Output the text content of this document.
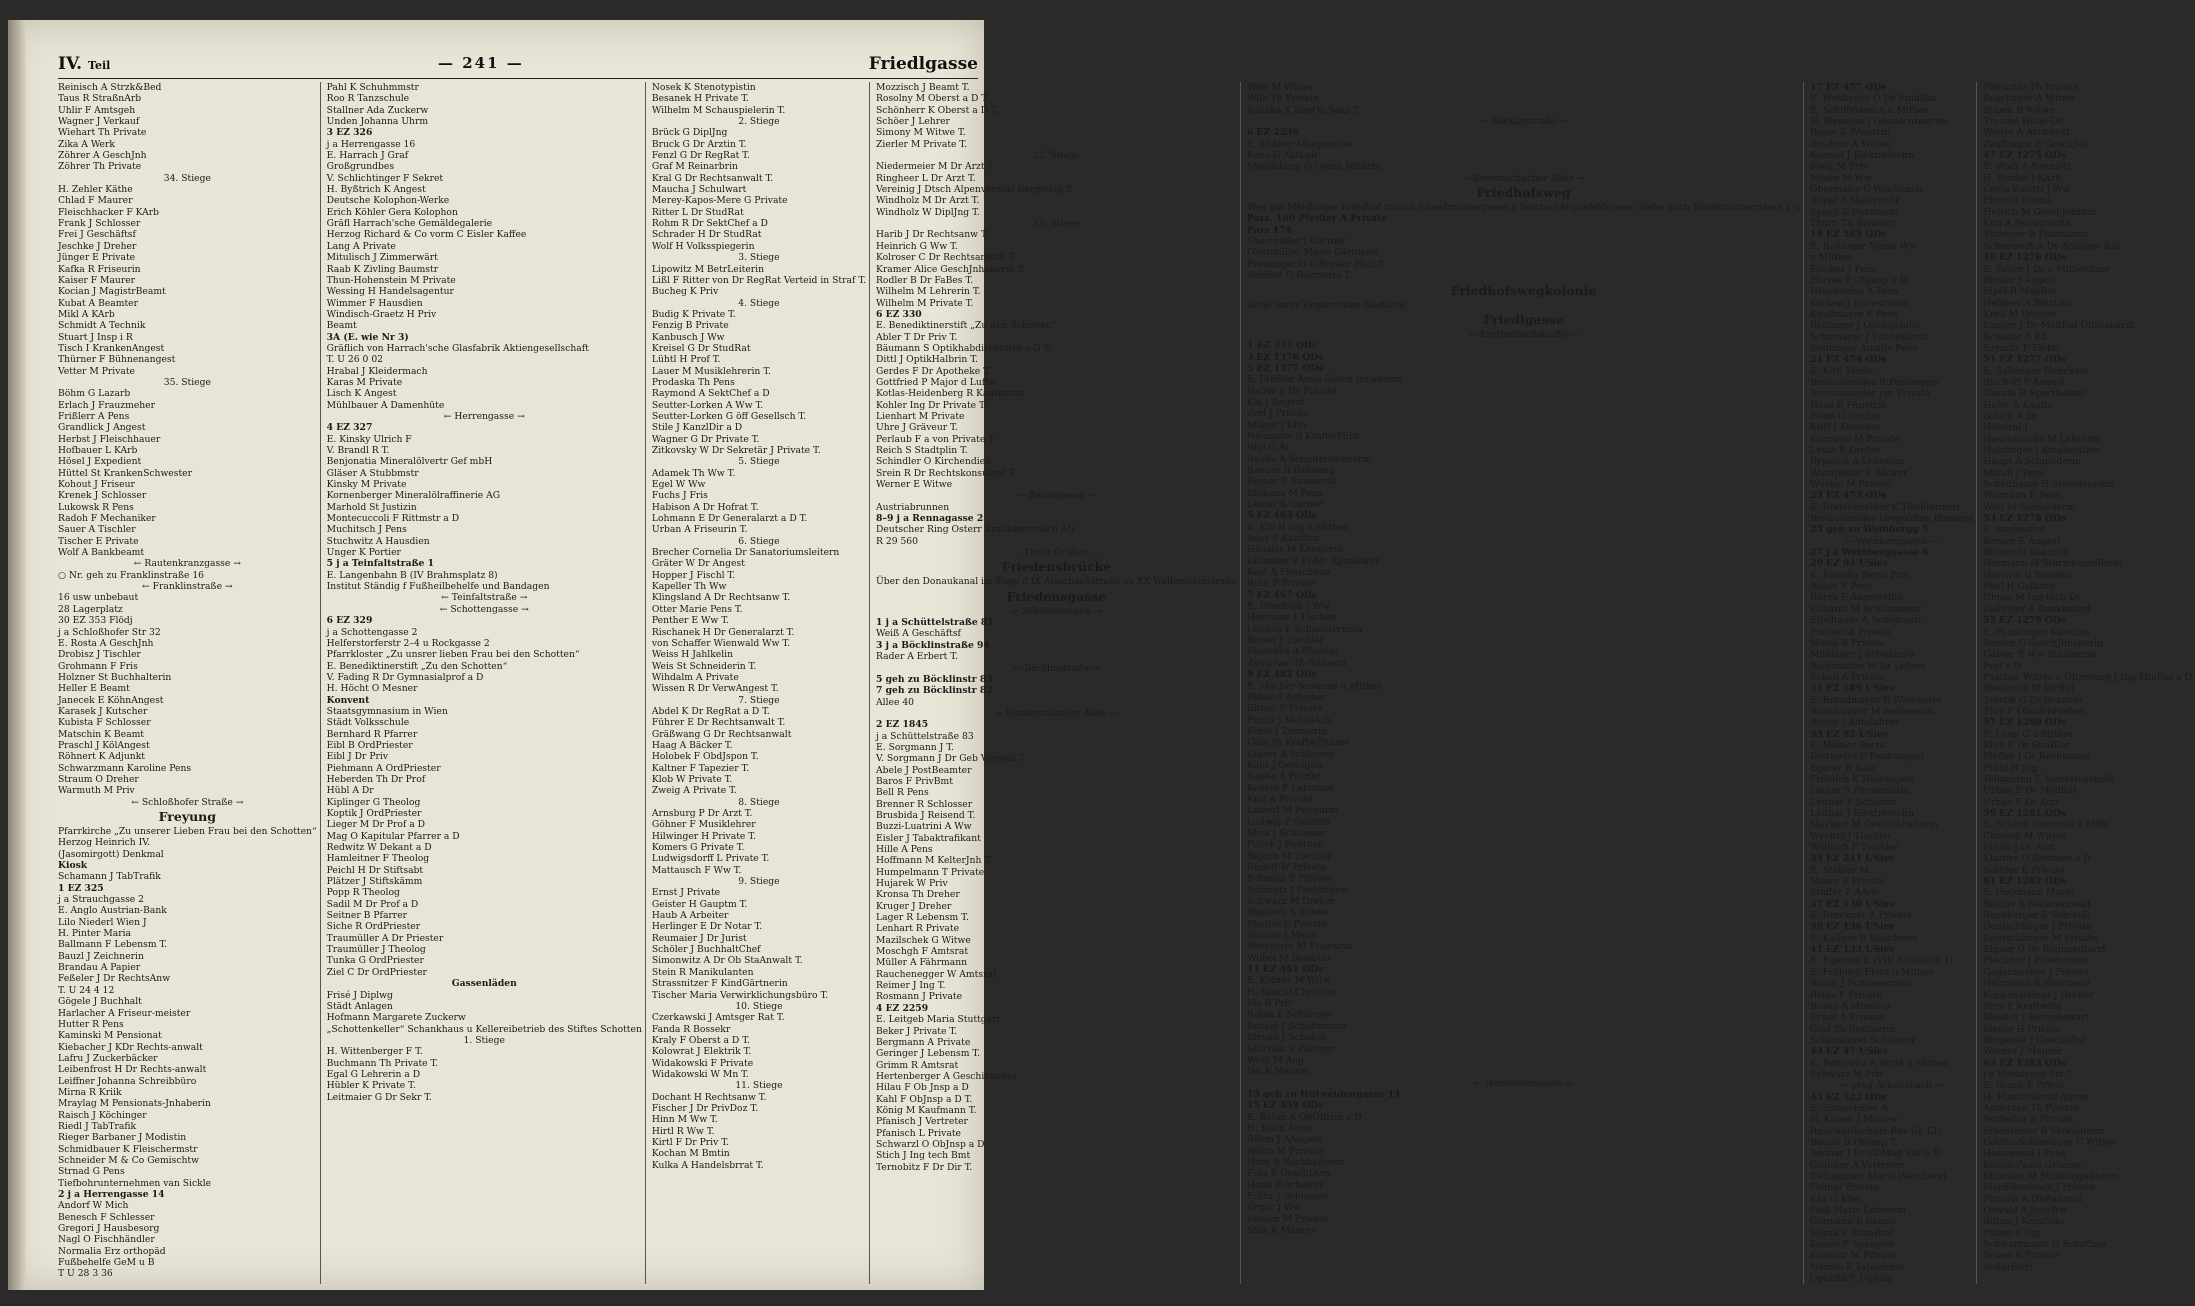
IV. Teil	— 241 —	Friedlgasse
Reinisch A Strzk&Bed
Taus R StraßnArb
Uhlir F Amtsgeh
Wagner J Verkauf
Wiehart Th Private
Zika A Werk
Zöhrer A GeschJnh
Zöhrer Th Private
34. Stiege
H. Zehler Käthe
Chlad F Maurer
Fleischhacker F KArb
Frank J Schlosser
Frei J Geschäftsf
Jeschke J Dreher
Jünger E Private
Kafka R Friseurin
Kaiser F Maurer
Kocian J MagistrBeamt
Kubat A Beamter
Mikl A KArb
Schmidt A Technik
Stuart J Insp i R
Tisch I KrankenAngest
Thürner F Bühnenangest
Vetter M Private
35. Stiege
Böhm G Lazarb
Erlach J Frauzmeher
Frißlerr A Pens
Grandlick J Angest
Herbst J Fleischhauer
Hofbauer L KArb
Hösel J Expedient
Hüttel St KrankenSchwester
Kohout J Friseur
Krenek J Schlosser
Lukowsk R Pens
Radoh F Mechaniker
Sauer A Tischler
Tischer E Private
Wolf A Bankbeamt
← Rautenkranzgasse →
○ Nr. geh zu Franklinstraße 16
← Franklinstraße →
16 usw unbebaut
28 Lagerplatz
30 EZ 353 Flödj
j a Schloßhofer Str 32
E. Rosta A GeschJnh
Drobisz J Tischler
Grohmann F Fris
Holzner St Buchhalterin
Heller E Beamt
Janecek E KöhnAngest
Karasek J Kutscher
Kubista F Schlosser
Matschin K Beamt
Praschl J KölAngest
Röhnert K Adjunkt
Schwarzmann Karoline Pens
Straum O Dreher
Warmuth M Priv
← Schloßhofer Straße →
Freyung
Pfarrkirche „Zu unserer Lieben Frau bei den Schotten“
Herzog Heinrich IV.
(Jasomirgott) Denkmal
Kiosk
Schamann J TabTrafik
1 EZ 325
j a Strauchgasse 2
E. Anglo Austrian-Bank
Lilo Niederl Wien J
H. Pinter Maria
Ballmann F Lebensm T.
Bauzl J Zeichnerin
Brandau A Papier
Feßeler J Dr RechtsAnw
T. U 24 4 12
Gögele J Buchhalt
Harlacher A Friseur-meister
Hutter R Pens
Kaminski M Pensionat
Kiebacher J KDr Rechts-anwalt
Lafru J Zuckerbäcker
Leibenfrost H Dr Rechts-anwalt
Leiffner Johanna Schreibbüro
Mirna R Kriik
Mraylag M Pensionats-Jnhaberin
Raisch J Köchinger
Riedl J TabTrafik
Rieger Barbaner J Modistin
Schmidbauer K Fleischermstr
Schneider M & Co Gemischtw
Strnad G Pens
Tiefbohrunternehmen van Sickle
2 j a Herrengasse 14
Andorf W Mich
Benesch F Schlesser
Gregori J Hausbesorg
Nagl O Fischhändler
Normalia Erz orthopäd
Fußbehelfe GeM u B
T U 28 3 36
Pahl K Schuhmmstr
Roo R Tanzschule
Stallner Ada Zuckerw
Unden Johanna Uhrm
3 EZ 326
j a Herrengasse 16
E. Harrach J Graf
Großgrundbes
V. Schlichtinger F Sekret
H. Byßtrich K Angest
Deutsche Kolophon-Werke
Erich Köhler Gera Kolophon
Gräfl Harrach'sche Gemäldegalerie
Herzog Richard & Co vorm C Eisler Kaffee
Lang A Private
Mitulisch J Zimmerwärt
Raab K Zivling Baumstr
Thun-Hohenstein M Private
Wessing H Handelsagentur
Wimmer F Hausdien
Windisch-Graetz H Priv
Beamt
3A (E. wie Nr 3)
Gräflich von Harrach'sche Glasfabrik Aktiengesellschaft
T. U 26 0 02
Hrabal J Kleidermach
Karas M Private
Lisch K Angest
Mühlbauer A Damenhüte
← Herrengasse →
4 EZ 327
E. Kinsky Ulrich F
V. Brandl R T.
Benjonatia Mineralölvertr Gef mbH
Gläser A Stubbmstr
Kinsky M Private
Kornenberger Mineralölraffinerie AG
Marhold St Justizin
Montecuccoli F Rittmstr a D
Muchitsch J Pens
Stuchwitz A Hausdien
Unger K Portier
5 j a Teinfaltstraße 1
E. Langenbahn B (IV Brahmsplatz 8)
Institut Ständig f Fußheilbehelfe und Bandagen
← Teinfaltstraße →
← Schottengasse →
6 EZ 329
j a Schottengasse 2
Helferstorferstr 2–4 u Rockgasse 2
Pfarrkloster „Zu unsrer lieben Frau bei den Schotten“
E. Benediktinerstift „Zu den Schotten“
V. Fading R Dr Gymnasialprof a D
H. Höcht O Mesner
Konvent
Staatsgymnasium in Wien
Städt Volksschule
Bernhard R Pfarrer
Eibl B OrdPriester
Eibl J Dr Priv
Piehmann A OrdPriester
Heberden Th Dr Prof
Hübl A Dr
Kiplinger G Theolog
Koptik J OrdPriester
Lieger M Dr Prof a D
Mag O Kapitular Pfarrer a D
Redwitz W Dekant a D
Hamleitner F Theolog
Peichl H Dr Stiftsabt
Plätzer J Stiftskämm
Popp R Theolog
Sadil M Dr Prof a D
Seitner B Pfarrer
Siche R OrdPriester
Traumüller A Dr Priester
Traumüller J Theolog
Tunka G OrdPriester
Ziel C Dr OrdPriester
Gassenläden
Frisé J Diplwg
Städt Anlagen
Hofmann Margarete Zuckerw
„Schottenkeller“ Schankhaus u Kellereibetrieb des Stiftes Schotten
1. Stiege
H. Wittenberger F T.
Buchmann Th Private T.
Egal G Lehrerin a D
Hübler K Private T.
Leitmaier G Dr Sekr T.
Nosek K Stenotypistin
Besanek H Private T.
Wilhelm M Schauspielerin T.
2. Stiege
Brück G DiplJng
Bruck G Dr Arztin T.
Fenzl G Dr RegRat T.
Graf M Reinarbrin
Kral G Dr Rechtsanwalt T.
Maucha J Schulwart
Merey-Kapos-Mere G Private
Ritter L Dr StudRat
Rohm R Dr SektChef a D
Schrader H Dr StudRat
Wolf H Volksspiegerin
3. Stiege
Lipowitz M BetrLeiterin
Lißl F Ritter von Dr RegRat Verteid in Straf T.
Bucheg K Priv
4. Stiege
Budig K Private T.
Fenzig B Private
Kanbusch J Ww
Kreisel G Dr StudRat
Lühtl H Prof T.
Lauer M Musiklehrerin T.
Prodaska Th Pens
Raymond A SektChef a D
Seutter-Lorken A Ww T.
Seutter-Lorken G öff Gesellsch T.
Stile J KanzlDir a D
Wagner G Dr Private T.
Zitkovsky W Dr Sekretär J Private T.
5. Stiege
Adamek Th Ww T.
Egel W Ww
Fuchs J Fris
Habison A Dr Hofrat T.
Lohmann E Dr Generalarzt a D T.
Urban A Friseurin T.
6. Stiege
Brecher Cornelia Dr Sanatoriumsleitern
Gräter W Dr Angest
Hopper J Fischl T.
Kapeller Th Ww
Klingsland A Dr Rechtsanw T.
Otter Marie Pens T.
Penther E Ww T.
Rischanek H Dr Generalarzt T.
von Schaffer Wienwald Ww T.
Weiss H Jahlkelin
Weis St Schneiderin T.
Wihdalm A Private
Wissen R Dr VerwAngest T.
7. Stiege
Abdel K Dr RegRat a D T.
Führer E Dr Rechtsanwalt T.
Gräßwang G Dr Rechtsanwalt
Haag A Bäcker T.
Holobek F ObdJspon T.
Kaltner F Tapezier T.
Klob W Private T.
Zweig A Private T.
8. Stiege
Arnsburg P Dr Arzt T.
Göhner F Musiklehrer
Hilwinger H Private T.
Komers G Private T.
Ludwigsdorff L Private T.
Mattausch F Ww T.
9. Stiege
Ernst J Private
Geister H Gauptm T.
Haub A Arbeiter
Herlinger E Dr Notar T.
Reumaier J Dr Jurist
Schöler J BuchhaltChef
Simonwitz A Dr Ob StaAnwalt T.
Stein R Manikulanten
Strassnitzer F KindGärtnerin
Tischer Maria Verwirklichungsbüro T.
10. Stiege
Czerkawski J Amtsger Rat T.
Fanda R Bossekr
Kraly F Oberst a D T.
Kolowrat J Elektrik T.
Widakowski F Private
Widakowski W Mn T.
11. Stiege
Dochant H Rechtsanw T.
Fischer J Dr PrivDoz T.
Hinn M Ww T.
Hirtl R Ww T.
Kirtl F Dr Priv T.
Kochan M Bmtin
Kulka A Handelsbrrat T.
Mozzisch J Beamt T.
Rosolny M Oberst a D T.
Schönherr K Oberst a D T.
Schöer J Lehrer
Simony M Witwe T.
Zierler M Private T.
12. Stiege
Niedermeier M Dr Arzt T.
Ringheer L Dr Arzt T.
Vereinig J Dtsch Alpenvereins Bergsteig T.
Windholz M Dr Arzt T.
Windholz W DiplJng T.
13. Stiege
Harib J Dr Rechtsanw T.
Heinrich G Ww T.
Kolroser C Dr Rechtsanwalt T.
Kramer Alice GeschJnhaberin T.
Rodler B Dr FaBes T.
Wilhelm M Lehrerin T.
Wilhelm M Private T.
6 EZ 330
E. Benediktinerstift „Zu den Schotten“
Abler T Dr Priv T.
Bäumann S Optikhabdirektorin a D T.
Dittl J OptikHalbrin T.
Gerdes F Dr Apotheke T.
Gottfried P Major d Luftw
Kotlas-Heidenberg R Kaufmann
Kohler Ing Dr Private T.
Lienhart M Private
Uhre J Gräveur T.
Perlaub F a von Private T.
Reich S Stadtplin T.
Schindler O Kirchendien
Srein R Dr Rechtskonsulent T.
Werner E Witwe
← Rennagasse →
Austriabrunnen
8–9 j a Rennagasse 2
Deutscher Ring Osterr Krankenversich AG
R 29 560
← Tiefer Graben →
Friedensbrücke
Über den Donaukanal im Zuge d IX Alserbachstraße zu XX Wallensteinstraße
Friedensgasse
← Schüttelstraße →
1 j a Schüttelstraße 81
Weiß A Geschäftsf
3 j a Böcklinstraße 94
Rader A Erbert T.
← Böcklinstraße →
5 geh zu Böcklinstr 83
7 geh zu Böcklinstr 82
Allee 40
← Rustenschacher Allee →
2 EZ 1845
j a Schüttelstraße 83
E. Sorgmann J T.
V. Sorgmann J Dr Geb Verwalt T.
Abele J PostBeamter
Baros F PrivBmt
Bell R Pens
Brenner R Schlosser
Brusbida J Reisend T.
Buzzi-Luatrini A Ww
Eisler J Tabaktrafikant
Hille A Pens
Hoffmann M KelterJnh T.
Humpelmann T Private
Hujarek W Priv
Kronsa Th Dreher
Kruger J Dreher
Lager R Lebensm T.
Lenhart R Private
Mazilschek G Witwe
Moschgh F Amtsrat
Müller A Fährmann
Rauchenegger W Amtsrat
Reimer J Ing T.
Rosmann J Private
4 EZ 2259
E. Leitgeb Maria Stuttgart
Beker J Private T.
Bergmann A Private
Geringer J Lebensm T.
Grimm R Amtsrat
Hertenberger A Geschinhaber
Hilau F Ob Jnsp a D
Kahl F ObJnsp a D T.
König M Kaufmann T.
Pfanisch J Vertreter
Pfanisch L Private
Schwarzl O ObJnsp a D
Stich J Ing tech Bmt
Ternobitz F Dr Dir T.
Weis M Witwe
Wilk Th Private
Jelenka K RegOb Sekr T.
← Böcklinstraße →
6 EZ 2236
E. Mißner Margarethe
Kanz G AbtLeit
Magdeburg G Gesch Jnhbrin
← Rustenschacher Allee →
Friedhofsweg
Weg am Meidlinger Friedhof zwisch Eibesbrunnergasse u Reichs-Längenfeldgasse. Siehe auch Eibesbrunnergasse 1 u
Parz. 160 Pfeiffer A Private
Parz 174
Obermüller J Gärtner
Obermüller Marie Gärtnerei
Preminger O u Bruder Holz T.
Schiber G Gärtnerei T.
Friedhofswegkolonie
siehe unter Eisparseiten-Siedlung
Friedlgasse
← Krottenbachstraße →
1 EZ 331 ODs
3 EZ 1376 ODs
5 EZ 1377 ODs
E. Frößler Anna Gesch Jnhaberin
Haller F Dr Private
Käl J Angest
Zerl J Private
Mager J Kfm
Neumann R KraftwFühr
Rigl G Ar
Raabe A Schnittzeichnerin
Reauer R Bahnang
Reiner B Rentnerin
Stubena M Pens
Leiner K Gerber
5 EZ 463 ODs
E. Kill H Ing a Mitbes
Auer F Kandtor
Häusler M Kassierin
Killmaier F PhMr Apotheker
Kost A Fleischhau
Ruth P Private
7 EZ 467 ODs
E. Friedrich J Ww
Hermann J Tischler
Leitgeb F Schneidermstr
Reiser J Tischler
Stuschka A Photogr
Zauscher Th Näherin
9 EZ 482 ODs
E. Macher Susanne u Mitbes
Billek A Arbeiter
Birner F Private
Fuchs J MetallArb
Fürst J Zimmerm
Gallt St KraftwFührer
Gläser A Schlosser
Kaltl J GeschJnh
Kapka A Pelzfkr
Kohrer F Laborant
Kral A Private
Lamerl M Friseurin
Ludwig F Gehilfin
Mick J Schlosser
Pollek J Rentner
Rejach M Tischler
Rudolf W Private
Schmelz E Private
Schmutz J PostAngest
Schwarz M Dreher
Skalowb A Witwe
Stadler E Private
Stieber J Maler
Wiesinger M Friseurin
Wubel M Beamter
11 EZ 461 ODs
E. Kobrer M Witw
H. Roschl Christine
Ma B Priv
Rotak E Schlosser
Rockei J Schuhmmstr
Strnad J Schuhm
Stuchlik K Photogr
Weiß M Ang
Jak K Maurer
← Hutweidengasse →
13 geh zu Hutweidengasse 14
15 EZ 459 ODs
E. Böhm A ObOffizin a D
H. Klein Anna
Böhm J AAngest
Böhm M Private
Hora R Buchhalterin
Fida E GeschDien
Hana E Arbeiter
Frühr J Schlosser
Grgor J Ww
Gregor M Private
Stok K Maurer
17 EZ 477 ODs
E. Weidinger O Dr StudRat
E. Schiffmann A u Mitbes
H. Weiselsa J Gemischtwaren
Bosso K FAnstrin
Brudner A Witwe
Konrad J Elektrotechn
Kwig M Priv
Neuer M Ww
Obermaier G Wachtmstr
Ruppl A Malermstr
Spiegl K Rentnerin
Thurn Th Beamter
19 EZ 585 ODs
E. Reitinger Marie Ww
u Mitbes
Fischer J Pens
Hlavac F ObJnsp a D
Hrachovina A Pens
Kerken J Friseurmstr
Knollmayer K Pens
Reitinger J Optikgehilfe
Schumayer J FuchsKunst
Stettinger Amalie Pens
21 EZ 474 ODs
E. Kittl Marie
Bretschneider R Postangest
Bretschneider jun Private
Haas R FAnstrin
Helm G Dreher
Kittl J Kutscher
Kurzweil M Private
Lenik R Dreher
Rypacek A Lebensm
Windpeffer K Bäcker
Wurkel M Private
23 EZ 473 ODs
E. Bretschneider K Tischlermstr
Bretschneider Leopoldine Binderei
25 geh zu Weinbergg 5
← Weinberggasse →
27 j a Weinberggasse 6
29 EZ 91 USiev
E. Jurenka Berta Priv
Bauer F Pens
Burek F Angestellte
Ebhardt M Schuhmmstr
Elpeltauer A Schuhmstr
Fischer A Private
Mosel R Private
Mühlauer J Schuhmstr
Riedmatten W Dr Lehrer
Schell A Private
31 EZ 189 USiev
E. Brandmayer R Wäscherei
Brandmayer M Bedienerin
Reiter J Autofahrer
33 EZ 92 USiev
E. Mahler Berta
Dierneder F Bankangest
Egerer R Sekr
Fröhlich K Holzangest
Latner S Pensionistin
Leitner F Schumm
Leitner J Elektrotechn
Markart M GeschJnhaberin
Wycital J Tischler
Wallisch F Tischler
35 EZ 211 USiev
E. Stabler M
Moser F Private
Stuffer F AArb
37 EZ 130 USiev
E. Bruckner A Private
39 EZ 136 USiev
E. Kallner R Wäscherei
41 EZ 133 USiev
E. Egerner E (VIII Schölfelg 1)
E. Fröhlich Flora u Mitbes
Bauer J Schlossermstr
Bates F Private
Braun A Monteur
Drnet A Private
Graf Th Rentnerin
Schimatoret Schlosser
43 EZ 47 USiev
E. Petrowitz A Verte u Mitbes
Schwarz M Priv
← prog Arbeitsbach →
45 EZ 522 ODs
E. Strauchiller A
H. Kaiser J Maurer
Ruzickluftschutz Rev Gr 131
Baumt R ObJnsp T.
Bednar J Dr ObMag Rat a D
Czallner A Vertreter
Dalhammer Maria Wäscherei
Fellner Private
Ehs G Kfm
Födl Marie Lebensm
Gutmann R Beamt
Horak F KrimBmt
Kaiser F Spengler
Kreuzer M Private
Neroth K Tapezierer
Opluztil F DiplJng
Pletscher Th Private
Ruschaner A Witwe
Stipek B Witwe
Trostiel Hilde Oe
Walter A Architekt
Zauffinger E GeschJnh
47 EZ 1275 ODs
E. Wadl A Baumstr
H. Binder J KArb
Cesta Baletti J Ww
Einer G Beamt
Hettich M GeschJnhbrin
Kun A Pensionistin
Tscheuer R Finanzamt
Schneweiß A Dr Amtsger Rat
49 EZ 1276 ODs
E. Zeller J Dr u Mitbesitzer
Binder J Angest
Eipel B MagRat
Hellmer A BetrLeit
Krell M Drogen
Langer J Dr MedRat ObStabarzt
Schauer A Kfl
Szymitz F Elektr
51 EZ 1277 ODs
E. Salbinger Henriette
Bischoff F Angest
Diwalb H Sportbeamt
Hofer A Kaufm
Gißich A Dr
Haboraf J
Hasenstaufel M Lehrerin
Holzlinger J Kinobesitzer
Haupt A Schneiderin
Mandl J Pens
Schönbaum H Stenotypistin
Wixmann E Pens
Wolf M Schneiderin
53 EZ 1278 ODs
E. ungenannt
Berner E Angest
Bittner G Beamtin
Hermann M Sturmbannführer
Horvath G Beamtin
Pöhl H Golbarb
Ulmer M Ing tech Dr
Zellinger A Bankbeamt
55 EZ 1279 ODs
E. Pointlinger Karoline
Berner G GeschJnhaberin
Gabler E Ww Studienrat
Prof a D
Pascher Witter u Ofterburg J Ing MinRat a D
Riederich M DirRat
Trostik G Dr Beamter
Troy F Obstfeldwebel
57 EZ 1280 ODs
E. Lang G u Mitbes
Kluk K Dr StudRat
Pfeffer J Dr Rechtsanw
Pröbl H Jng
Tellgmann E Sanitätsgehilfe
Urban E Dr MedRat
Urban F Dr Arzt
59 EZ 1281 ODs
E. Schörg Gertrude u Mitb
Chostek M Witwe
Freihl J Dr Arzt
Klarner O Beamter a D
Rottner E Private
61 EZ 1282 ODs
E. Holzmann Marie
Baldus R Rechtsanwalt
Buchberger E Sekretär
Deutschlinger J Private
Deutschlinger M Private
Eigner Q Dr Regimentarzt
Flachner J Friseurmstr
Gagenbucher J Private
Holzmann R Steinmetz
Koppensteiner J Dreher
Pery F Kraftwfhr
Riesher J Betriebswart
Sieder H Private
Stepanek J Geschäftsf
Werner J Maurer
63 EZ 1283 ODs
j a Stiebinger Str 7
E. Rezek F Privat
H. Hantsowenzl Agnes
Andersen Th Private
Burbeller E Private
Eibenfeiner R Verkäuferin
Gottho-Schlesinger G Witwe
Hanswenzl J Pens
Kebelt Paula Grünow
Kühnlein M Stadtinspektorin
Mardikowitsch J Private
Pirovits A ObBahnrat
Oswald A JnspWw
Rutun J KrimSekr
Patzet K Ing
Schwarzmann G Schaffner
Selzer K Private
Bedarfsort
